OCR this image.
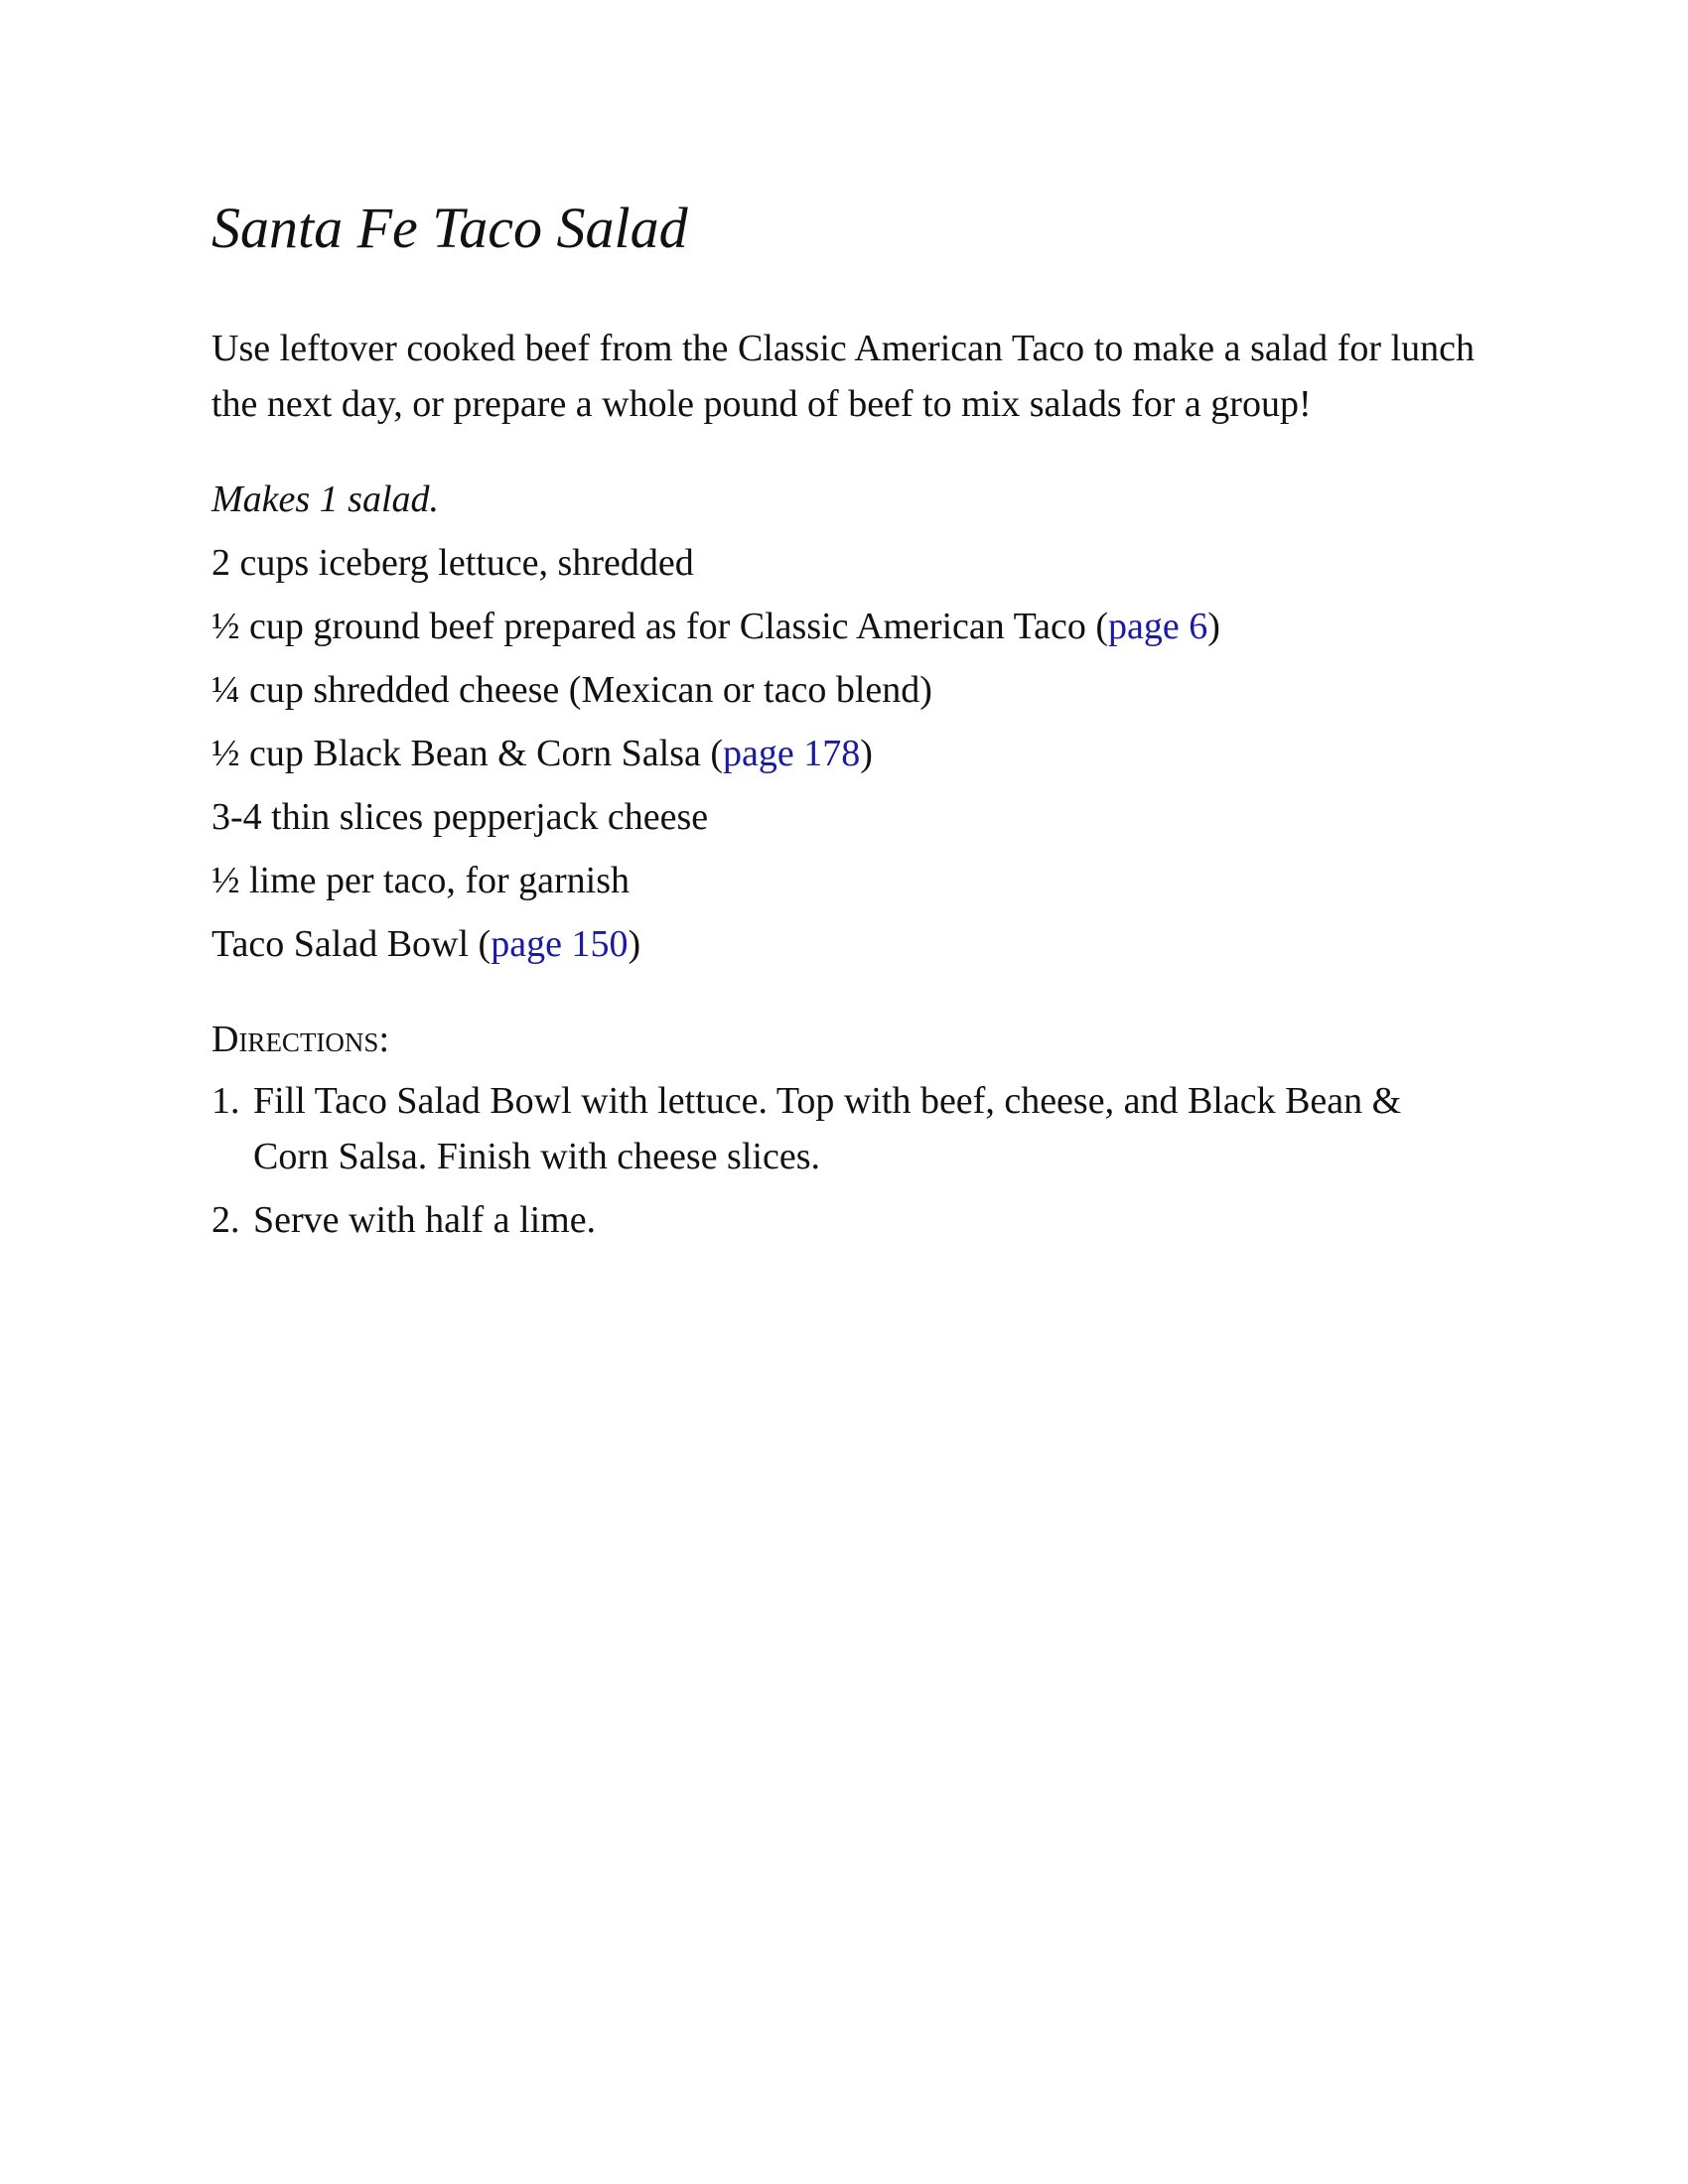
Santa Fe Taco Salad

Use leftover cooked beef from the Classic American Taco to make a salad for lunch the next day, or prepare a whole pound of beef to mix salads for a group!

Makes 1 salad.

2 cups iceberg lettuce, shredded
½ cup ground beef prepared as for Classic American Taco (page 6)
¼ cup shredded cheese (Mexican or taco blend)
½ cup Black Bean & Corn Salsa (page 178)
3-4 thin slices pepperjack cheese
½ lime per taco, for garnish
Taco Salad Bowl (page 150)
Directions:
1. Fill Taco Salad Bowl with lettuce. Top with beef, cheese, and Black Bean & Corn Salsa. Finish with cheese slices.
2. Serve with half a lime.
